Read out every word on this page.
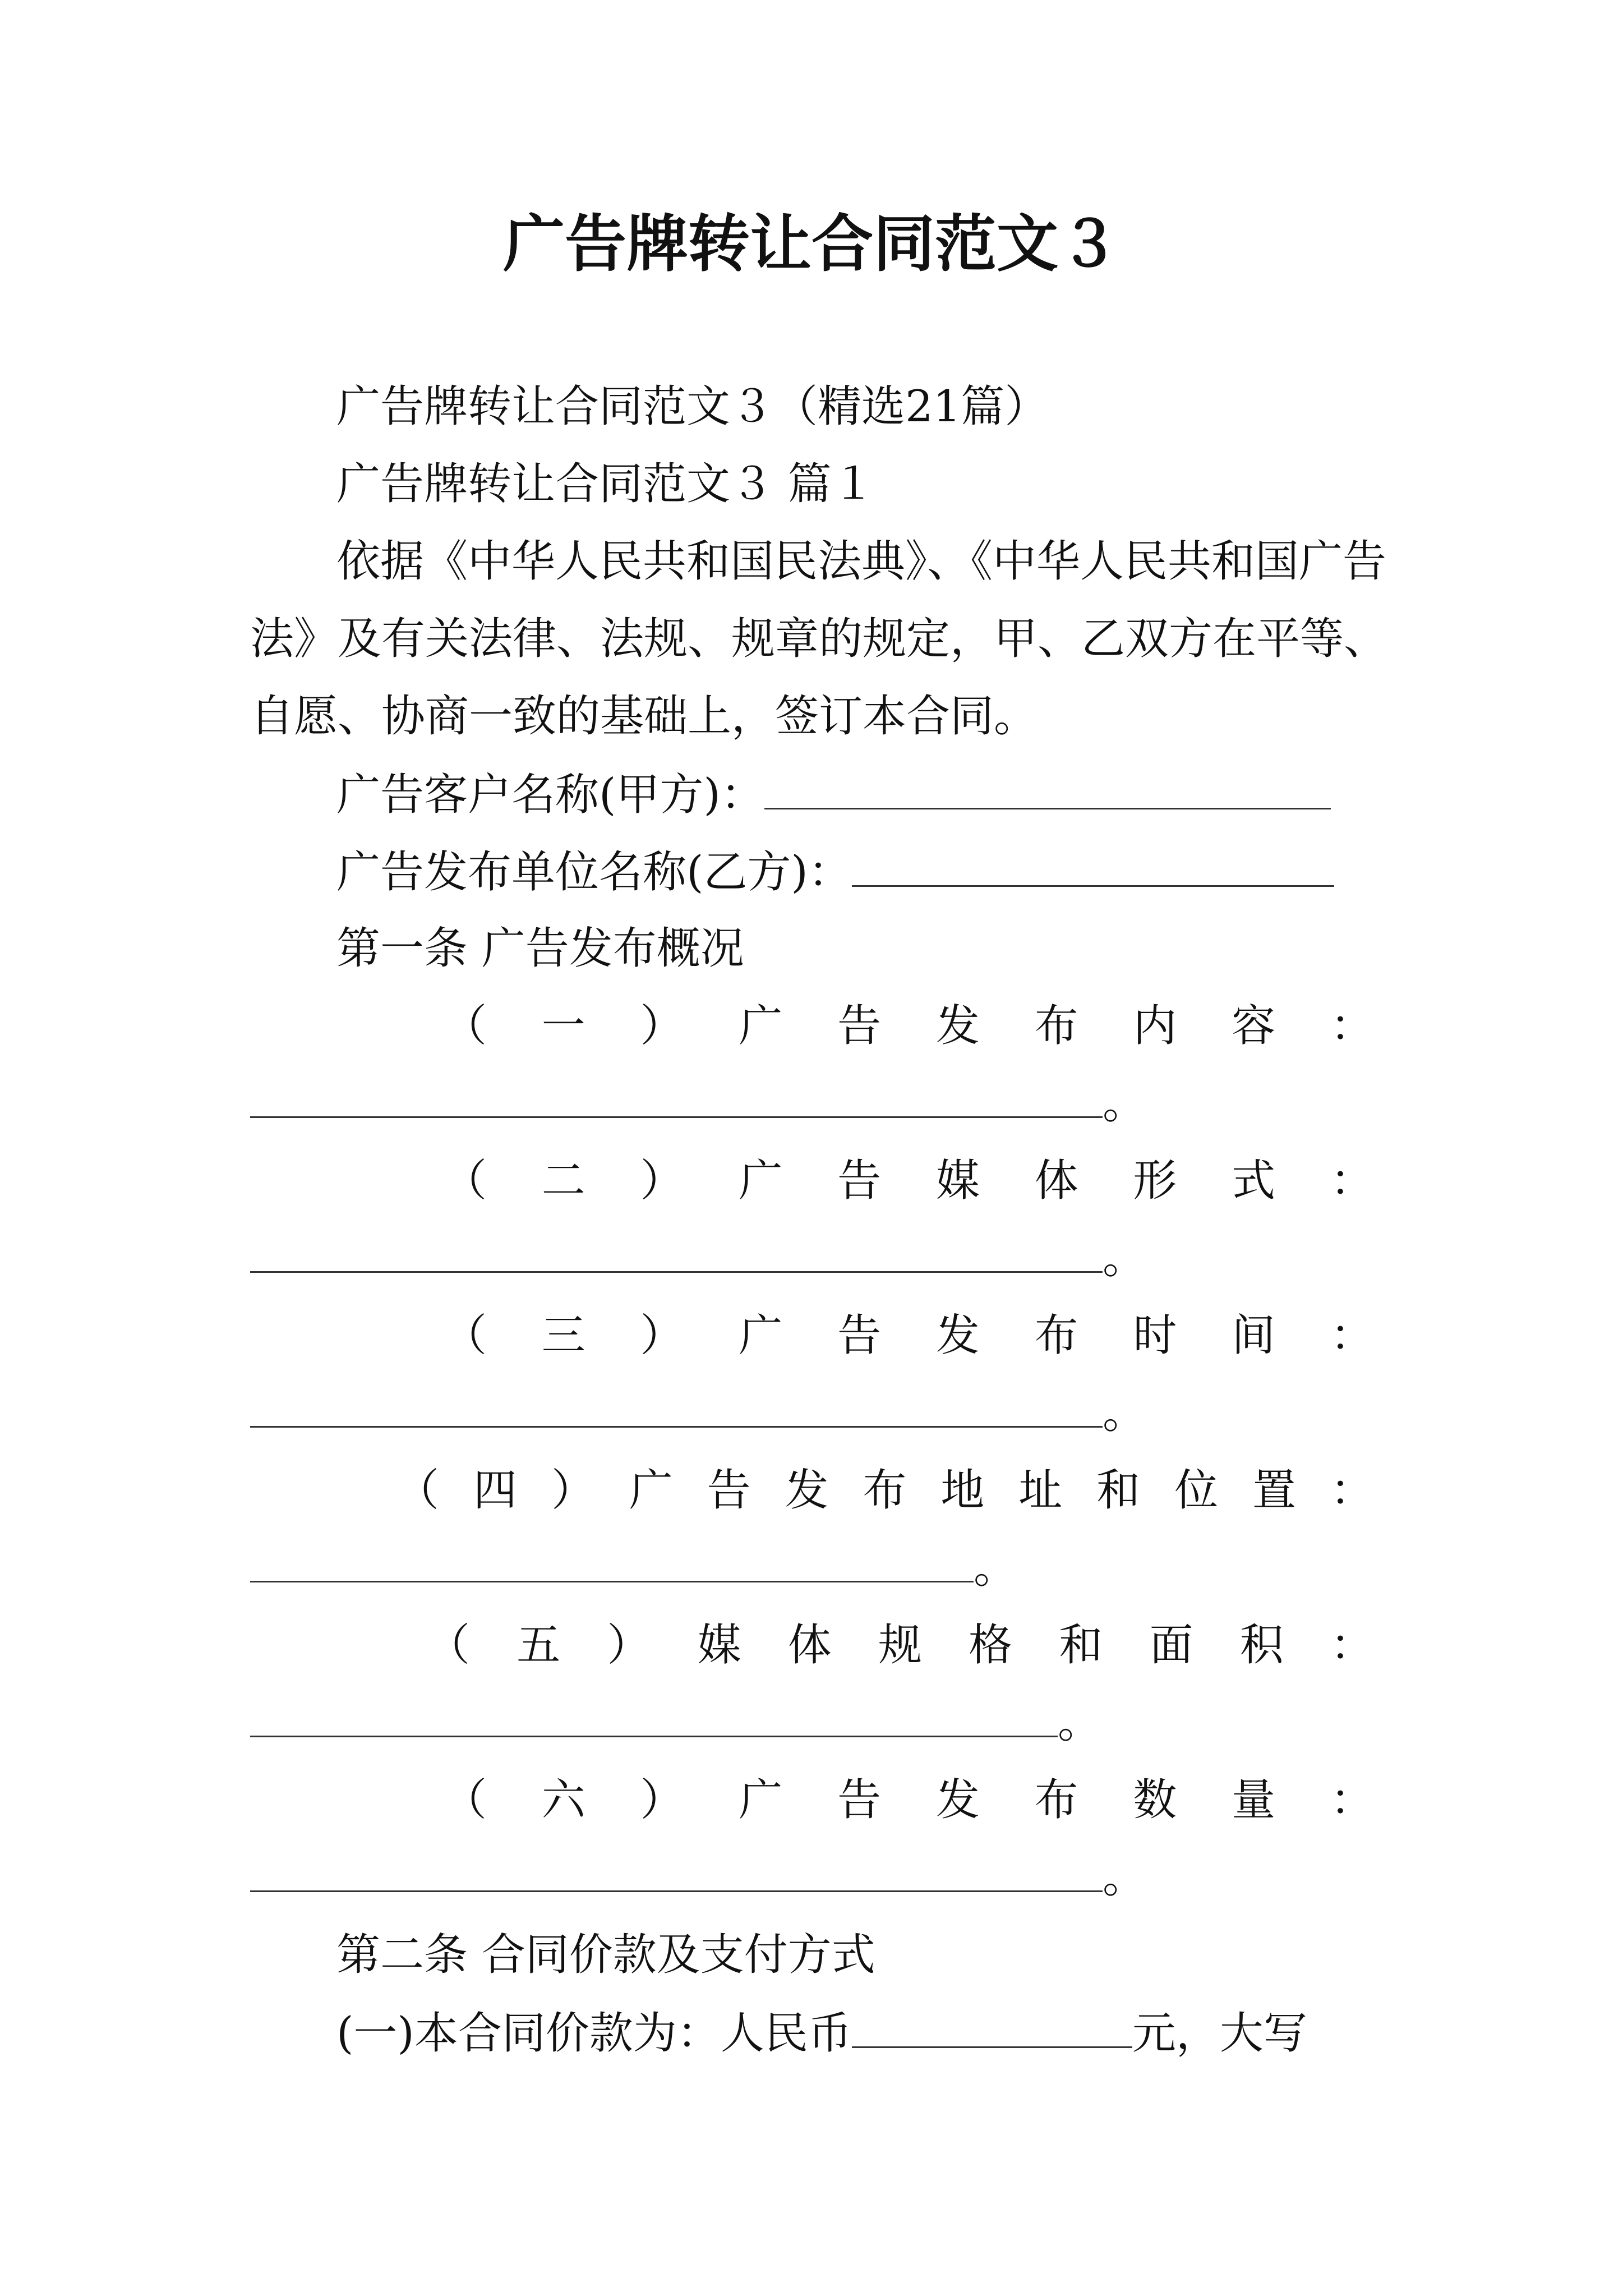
广告牌转让合同范文３
广告牌转让合同范文３（精选21篇）
广告牌转让合同范文３ 篇１
依据《中华人民共和国民法典》、《中华人民共和国广告
法》及有关法律、法规、规章的规定，甲、乙双方在平等、
自愿、协商一致的基础上，签订本合同。
广告客户名称(甲方)：
广告发布单位名称(乙方)：
第一条 广告发布概况
（ 一 ） 广 告 发 布 内 容 ：
。
（ 二 ） 广 告 媒 体 形 式 ：
。
（ 三 ） 广 告 发 布 时 间 ：
。
（ 四 ） 广 告 发 布 地 址 和 位 置 ：
。
（ 五 ） 媒 体 规 格 和 面 积 ：
。
（ 六 ） 广 告 发 布 数 量 ：
。
第二条 合同价款及支付方式
(一)本合同价款为：人民币	元，大写
